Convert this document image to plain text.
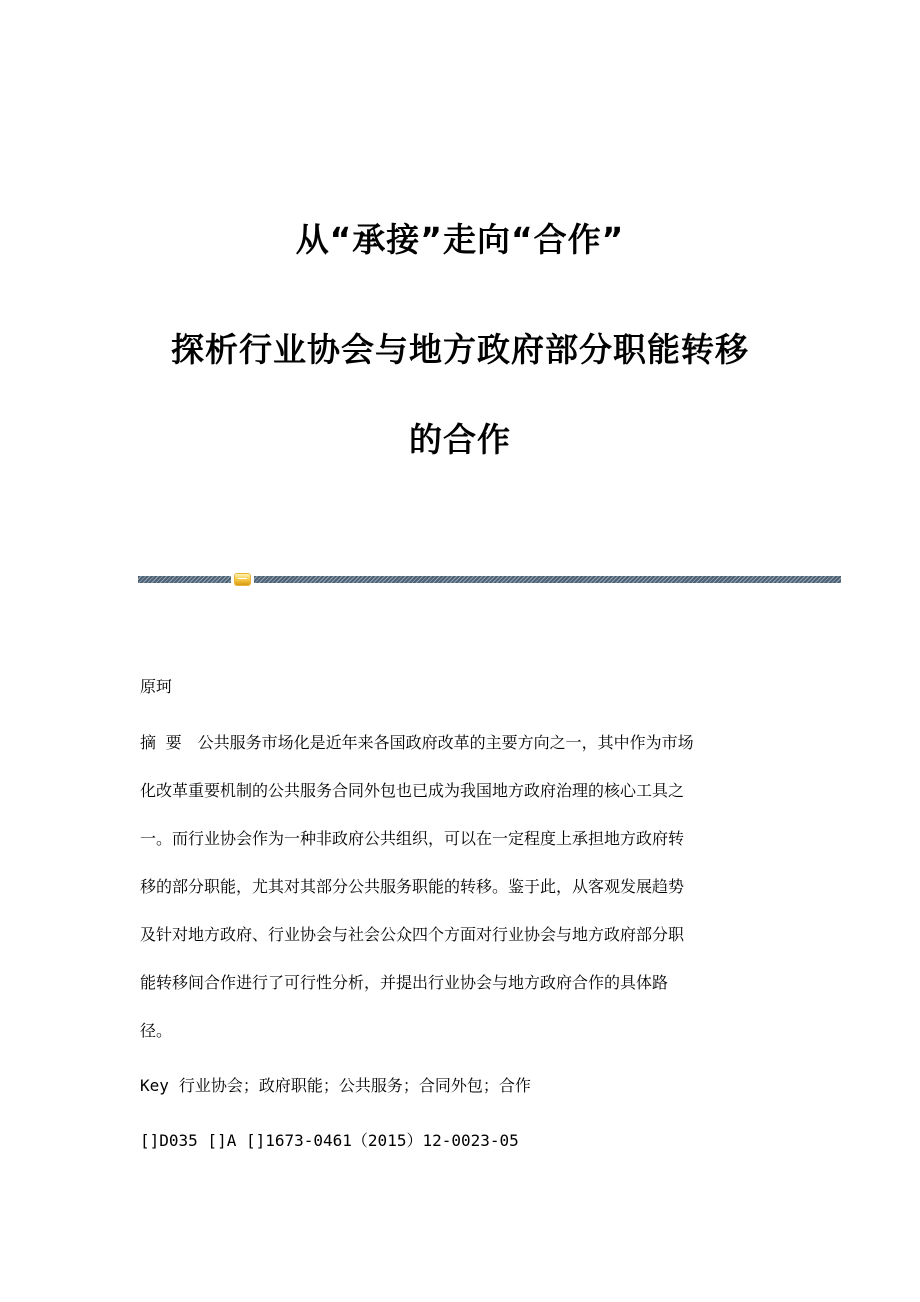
从“承接”走向“合作”
探析行业协会与地方政府部分职能转移
的合作
原珂
摘 要 公共服务市场化是近年来各国政府改革的主要方向之一，其中作为市场
化改革重要机制的公共服务合同外包也已成为我国地方政府治理的核心工具之
一。而行业协会作为一种非政府公共组织，可以在一定程度上承担地方政府转
移的部分职能，尤其对其部分公共服务职能的转移。鉴于此，从客观发展趋势
及针对地方政府、行业协会与社会公众四个方面对行业协会与地方政府部分职
能转移间合作进行了可行性分析，并提出行业协会与地方政府合作的具体路
径。
Key 行业协会；政府职能；公共服务；合同外包；合作
[]D035 []A []1673-0461（2015）12-0023-05
